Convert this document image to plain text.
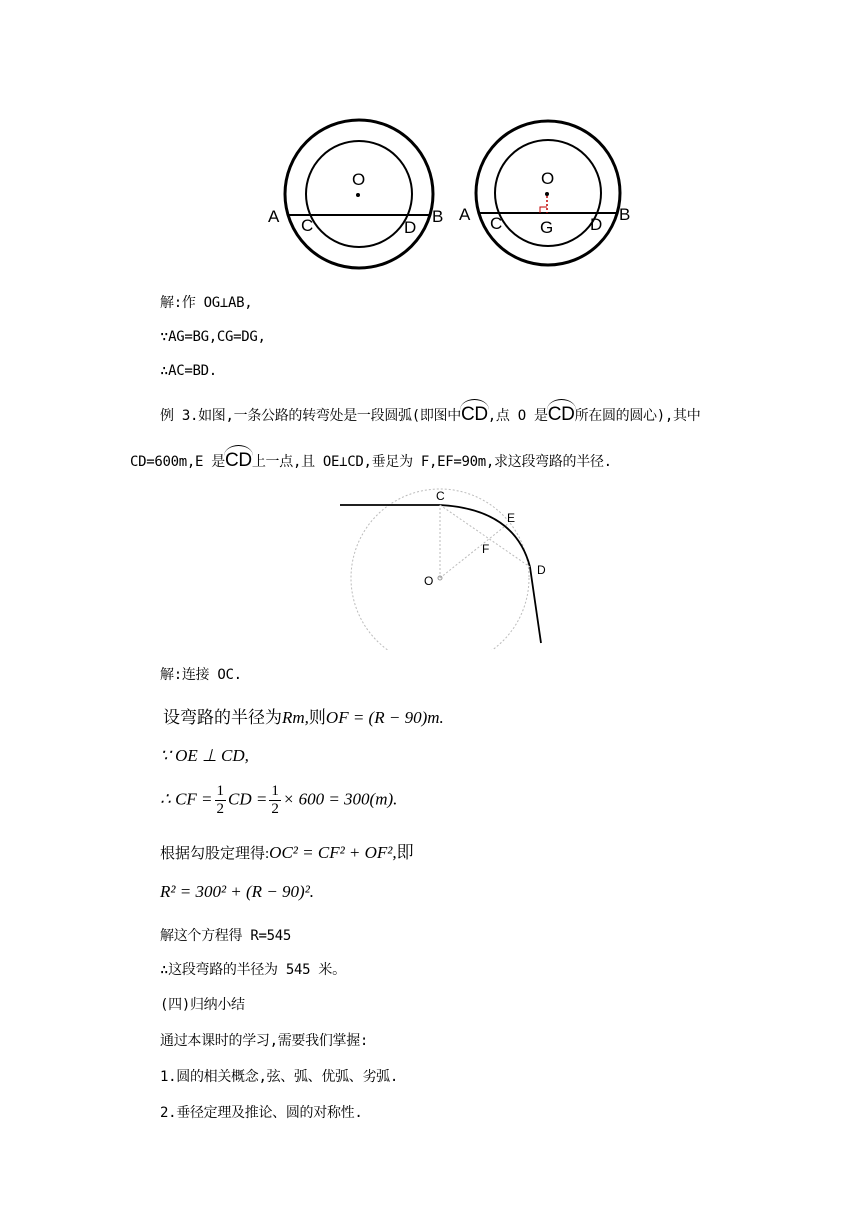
O
A	B
C	D
O
A	B
C G D
解:作 OG⊥AB,
∵AG=BG,CG=DG,
∴AC=BD.
例 3.如图,一条公路的转弯处是一段圆弧(即图中CD,点 O 是CD所在圆的圆心),其中
CD=600m,E 是CD上一点,且 OE⊥CD,垂足为 F,EF=90m,求这段弯路的半径.
C
E
F
O
D
解:连接 OC.
设弯路的半径为Rm,则OF = (R − 90)m.
∵ OE ⊥ CD,
∴ CF = $\frac{1}{2}$ CD = $\frac{1}{2} \times 600 = 300(m)$.
根据勾股定理得:OC² = CF² + OF²,即
R² = 300² + (R − 90)².
解这个方程得 R=545
∴这段弯路的半径为 545 米。
(四)归纳小结
通过本课时的学习,需要我们掌握:
1.圆的相关概念,弦、弧、优弧、劣弧.
2.垂径定理及推论、圆的对称性.
